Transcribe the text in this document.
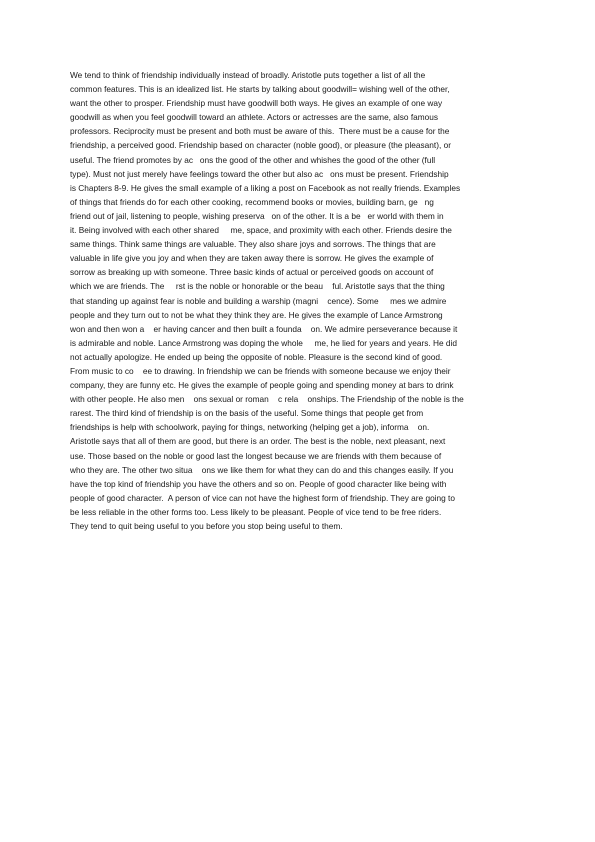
We tend to think of friendship individually instead of broadly. Aristotle puts together a list of all the
common features. This is an idealized list. He starts by talking about goodwill= wishing well of the other,
want the other to prosper. Friendship must have goodwill both ways. He gives an example of one way
goodwill as when you feel goodwill toward an athlete. Actors or actresses are the same, also famous
professors. Reciprocity must be present and both must be aware of this.  There must be a cause for the
friendship, a perceived good. Friendship based on character (noble good), or pleasure (the pleasant), or
useful. The friend promotes by ac   ons the good of the other and whishes the good of the other (full
type). Must not just merely have feelings toward the other but also ac   ons must be present. Friendship
is Chapters 8-9. He gives the small example of a liking a post on Facebook as not really friends. Examples
of things that friends do for each other cooking, recommend books or movies, building barn, ge   ng
friend out of jail, listening to people, wishing preserva   on of the other. It is a be   er world with them in
it. Being involved with each other shared     me, space, and proximity with each other. Friends desire the
same things. Think same things are valuable. They also share joys and sorrows. The things that are
valuable in life give you joy and when they are taken away there is sorrow. He gives the example of
sorrow as breaking up with someone. Three basic kinds of actual or perceived goods on account of
which we are friends. The     rst is the noble or honorable or the beau    ful. Aristotle says that the thing
that standing up against fear is noble and building a warship (magni    cence). Some     mes we admire
people and they turn out to not be what they think they are. He gives the example of Lance Armstrong
won and then won a    er having cancer and then built a founda    on. We admire perseverance because it
is admirable and noble. Lance Armstrong was doping the whole     me, he lied for years and years. He did
not actually apologize. He ended up being the opposite of noble. Pleasure is the second kind of good.
From music to co    ee to drawing. In friendship we can be friends with someone because we enjoy their
company, they are funny etc. He gives the example of people going and spending money at bars to drink
with other people. He also men    ons sexual or roman    c rela    onships. The Friendship of the noble is the
rarest. The third kind of friendship is on the basis of the useful. Some things that people get from
friendships is help with schoolwork, paying for things, networking (helping get a job), informa    on.
Aristotle says that all of them are good, but there is an order. The best is the noble, next pleasant, next
use. Those based on the noble or good last the longest because we are friends with them because of
who they are. The other two situa    ons we like them for what they can do and this changes easily. If you
have the top kind of friendship you have the others and so on. People of good character like being with
people of good character.  A person of vice can not have the highest form of friendship. They are going to
be less reliable in the other forms too. Less likely to be pleasant. People of vice tend to be free riders.
They tend to quit being useful to you before you stop being useful to them.
